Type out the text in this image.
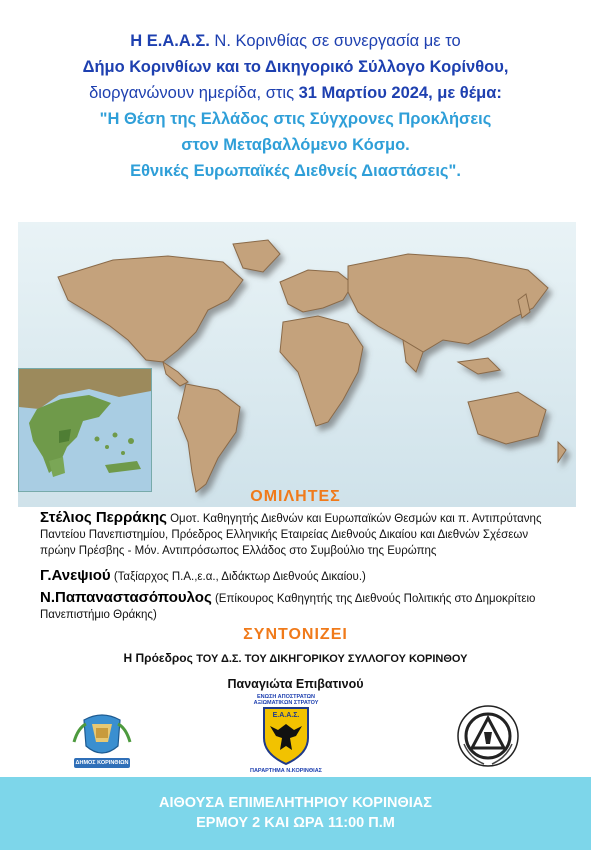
Η Ε.Α.Α.Σ. Ν. Κορινθίας σε συνεργασία με το
Δήμο Κορινθίων και το Δικηγορικό Σύλλογο Κορίνθου,
διοργανώνουν ημερίδα, στις 31 Μαρτίου 2024, με θέμα:
"Η Θέση της Ελλάδος στις Σύγχρονες Προκλήσεις
στον Μεταβαλλόμενο Κόσμο.
Εθνικές Ευρωπαϊκές Διεθνείς Διαστάσεις".
ΟΜΙΛΗΤΕΣ
Στέλιος Περράκης Ομοτ. Καθηγητής Διεθνών και Ευρωπαϊκών Θεσμών και π. Αντιπρύτανης Παντείου Πανεπιστημίου, Πρόεδρος Ελληνικής Εταιρείας Διεθνούς Δικαίου και Διεθνών Σχέσεων πρώην Πρέσβης - Μόν. Αντιπρόσωπος Ελλάδος στο Συμβούλιο της Ευρώπης
Γ.Ανεψιού (Ταξίαρχος Π.Α.,ε.α., Διδάκτωρ Διεθνούς Δικαίου.)
Ν.Παπαναστασόπουλος (Επίκουρος Καθηγητής της Διεθνούς Πολιτικής στο Δημοκρίτειο Πανεπιστήμιο Θράκης)
ΣΥΝΤΟΝΙΖΕΙ
Η Πρόεδρος ΤΟΥ Δ.Σ. ΤΟΥ ΔΙΚΗΓΟΡΙΚΟΥ ΣΥΛΛΟΓΟΥ ΚΟΡΙΝΘΟΥ
Παναγιώτα Επιβατινού
ΔΗΜΟΣ ΚΟΡΙΝΘΙΩΝ
ΕΝΩΣΗ ΑΠΟΣΤΡΑΤΩΝ ΑΞΙΩΜΑΤΙΚΩΝ ΣΤΡΑΤΟΥ
Ε.Α.Α.Σ.
ΠΑΡΑΡΤΗΜΑ Ν.ΚΟΡΙΝΘΙΑΣ
ΑΙΘΟΥΣΑ ΕΠΙΜΕΛΗΤΗΡΙΟΥ ΚΟΡΙΝΘΙΑΣ
ΕΡΜΟΥ 2 ΚΑΙ ΩΡΑ 11:00 Π.Μ
